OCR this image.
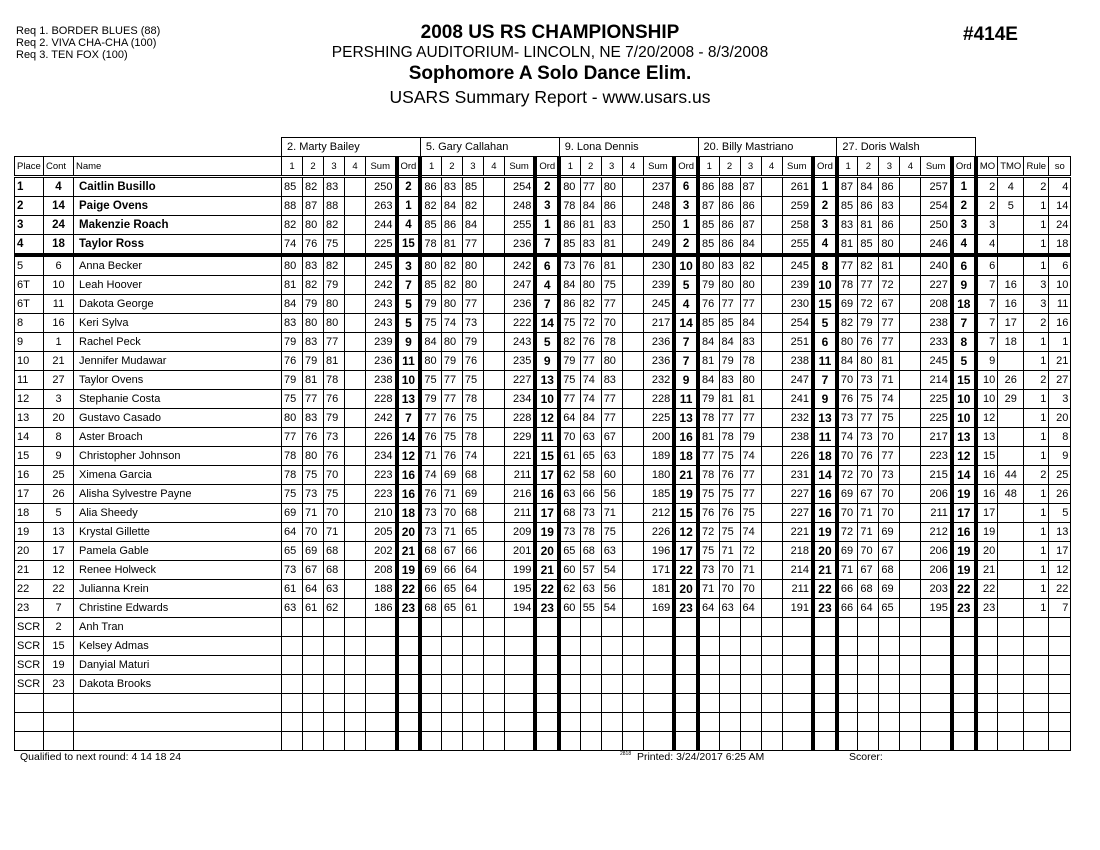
Req 1. BORDER BLUES (88)
Req 2. VIVA CHA-CHA (100)
Req 3. TEN FOX (100)
2008 US RS CHAMPIONSHIP
PERSHING AUDITORIUM- LINCOLN, NE 7/20/2008 - 8/3/2008
Sophomore A Solo Dance Elim.
USARS Summary Report - www.usars.us
#414E
			2. Marty Bailey						5. Gary Callahan						9. Lona Dennis						20. Billy Mastriano						27. Doris Walsh									
Place	Cont	Name	1	2	3	4	Sum	Ord	1	2	3	4	Sum	Ord	1	2	3	4	Sum	Ord	1	2	3	4	Sum	Ord	1	2	3	4	Sum	Ord	MO	TMO	Rule	so
1	4	Caitlin Busillo	85	82	83		250	2	86	83	85		254	2	80	77	80		237	6	86	88	87		261	1	87	84	86		257	1	2	4	2	4
2	14	Paige Ovens	88	87	88		263	1	82	84	82		248	3	78	84	86		248	3	87	86	86		259	2	85	86	83		254	2	2	5	1	14
3	24	Makenzie Roach	82	80	82		244	4	85	86	84		255	1	86	81	83		250	1	85	86	87		258	3	83	81	86		250	3	3		1	24
4	18	Taylor Ross	74	76	75		225	15	78	81	77		236	7	85	83	81		249	2	85	86	84		255	4	81	85	80		246	4	4		1	18
5	6	Anna Becker	80	83	82		245	3	80	82	80		242	6	73	76	81		230	10	80	83	82		245	8	77	82	81		240	6	6		1	6
6T	10	Leah Hoover	81	82	79		242	7	85	82	80		247	4	84	80	75		239	5	79	80	80		239	10	78	77	72		227	9	7	16	3	10
6T	11	Dakota George	84	79	80		243	5	79	80	77		236	7	86	82	77		245	4	76	77	77		230	15	69	72	67		208	18	7	16	3	11
8	16	Keri Sylva	83	80	80		243	5	75	74	73		222	14	75	72	70		217	14	85	85	84		254	5	82	79	77		238	7	7	17	2	16
9	1	Rachel Peck	79	83	77		239	9	84	80	79		243	5	82	76	78		236	7	84	84	83		251	6	80	76	77		233	8	7	18	1	1
10	21	Jennifer Mudawar	76	79	81		236	11	80	79	76		235	9	79	77	80		236	7	81	79	78		238	11	84	80	81		245	5	9		1	21
11	27	Taylor Ovens	79	81	78		238	10	75	77	75		227	13	75	74	83		232	9	84	83	80		247	7	70	73	71		214	15	10	26	2	27
12	3	Stephanie Costa	75	77	76		228	13	79	77	78		234	10	77	74	77		228	11	79	81	81		241	9	76	75	74		225	10	10	29	1	3
13	20	Gustavo Casado	80	83	79		242	7	77	76	75		228	12	64	84	77		225	13	78	77	77		232	13	73	77	75		225	10	12		1	20
14	8	Aster Broach	77	76	73		226	14	76	75	78		229	11	70	63	67		200	16	81	78	79		238	11	74	73	70		217	13	13		1	8
15	9	Christopher Johnson	78	80	76		234	12	71	76	74		221	15	61	65	63		189	18	77	75	74		226	18	70	76	77		223	12	15		1	9
16	25	Ximena Garcia	78	75	70		223	16	74	69	68		211	17	62	58	60		180	21	78	76	77		231	14	72	70	73		215	14	16	44	2	25
17	26	Alisha Sylvestre Payne	75	73	75		223	16	76	71	69		216	16	63	66	56		185	19	75	75	77		227	16	69	67	70		206	19	16	48	1	26
18	5	Alia Sheedy	69	71	70		210	18	73	70	68		211	17	68	73	71		212	15	76	76	75		227	16	70	71	70		211	17	17		1	5
19	13	Krystal Gillette	64	70	71		205	20	73	71	65		209	19	73	78	75		226	12	72	75	74		221	19	72	71	69		212	16	19		1	13
20	17	Pamela Gable	65	69	68		202	21	68	67	66		201	20	65	68	63		196	17	75	71	72		218	20	69	70	67		206	19	20		1	17
21	12	Renee Holweck	73	67	68		208	19	69	66	64		199	21	60	57	54		171	22	73	70	71		214	21	71	67	68		206	19	21		1	12
22	22	Julianna Krein	61	64	63		188	22	66	65	64		195	22	62	63	56		181	20	71	70	70		211	22	66	68	69		203	22	22		1	22
23	7	Christine Edwards	63	61	62		186	23	68	65	61		194	23	60	55	54		169	23	64	63	64		191	23	66	64	65		195	23	23		1	7
SCR	2	Anh Tran																																		
SCR	15	Kelsey Admas																																		
SCR	19	Danyial Maturi																																		
SCR	23	Dakota Brooks																																		

Qualified to next round: 4 14 18 24	$^{2818}$ Printed: 3/24/2017 6:25 AM	Scorer:
